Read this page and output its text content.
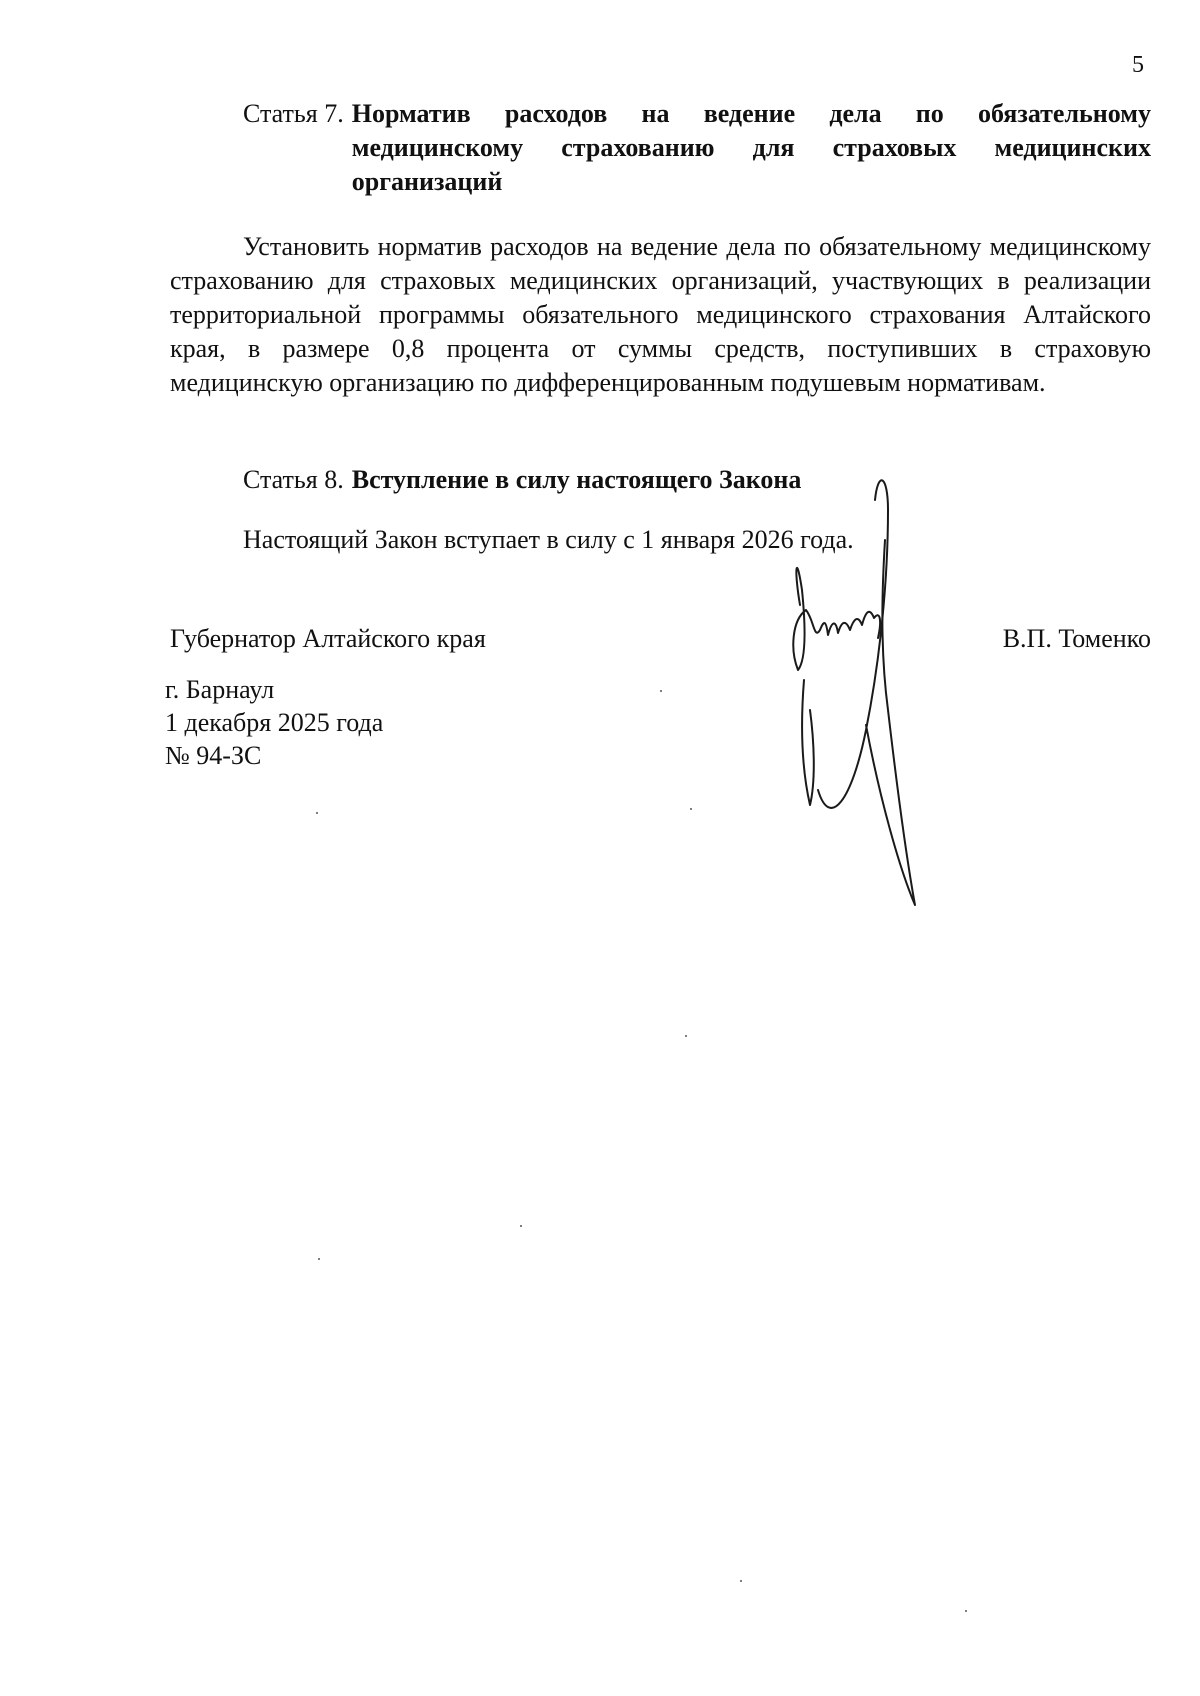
5
Статья 7. Норматив расходов на ведение дела по обязательному медицинскому страхованию для страховых медицинских организаций

Установить норматив расходов на ведение дела по обязательному медицинскому страхованию для страховых медицинских организаций, участвующих в реализации территориальной программы обязательного медицинского страхования Алтайского края, в размере 0,8 процента от суммы средств, поступивших в страховую медицинскую организацию по дифференцированным подушевым нормативам.

Статья 8. Вступление в силу настоящего Закона

Настоящий Закон вступает в силу с 1 января 2026 года.

Губернатор Алтайского края	В.П. Томенко
г. Барнаул
1 декабря 2025 года
№ 94-ЗС
